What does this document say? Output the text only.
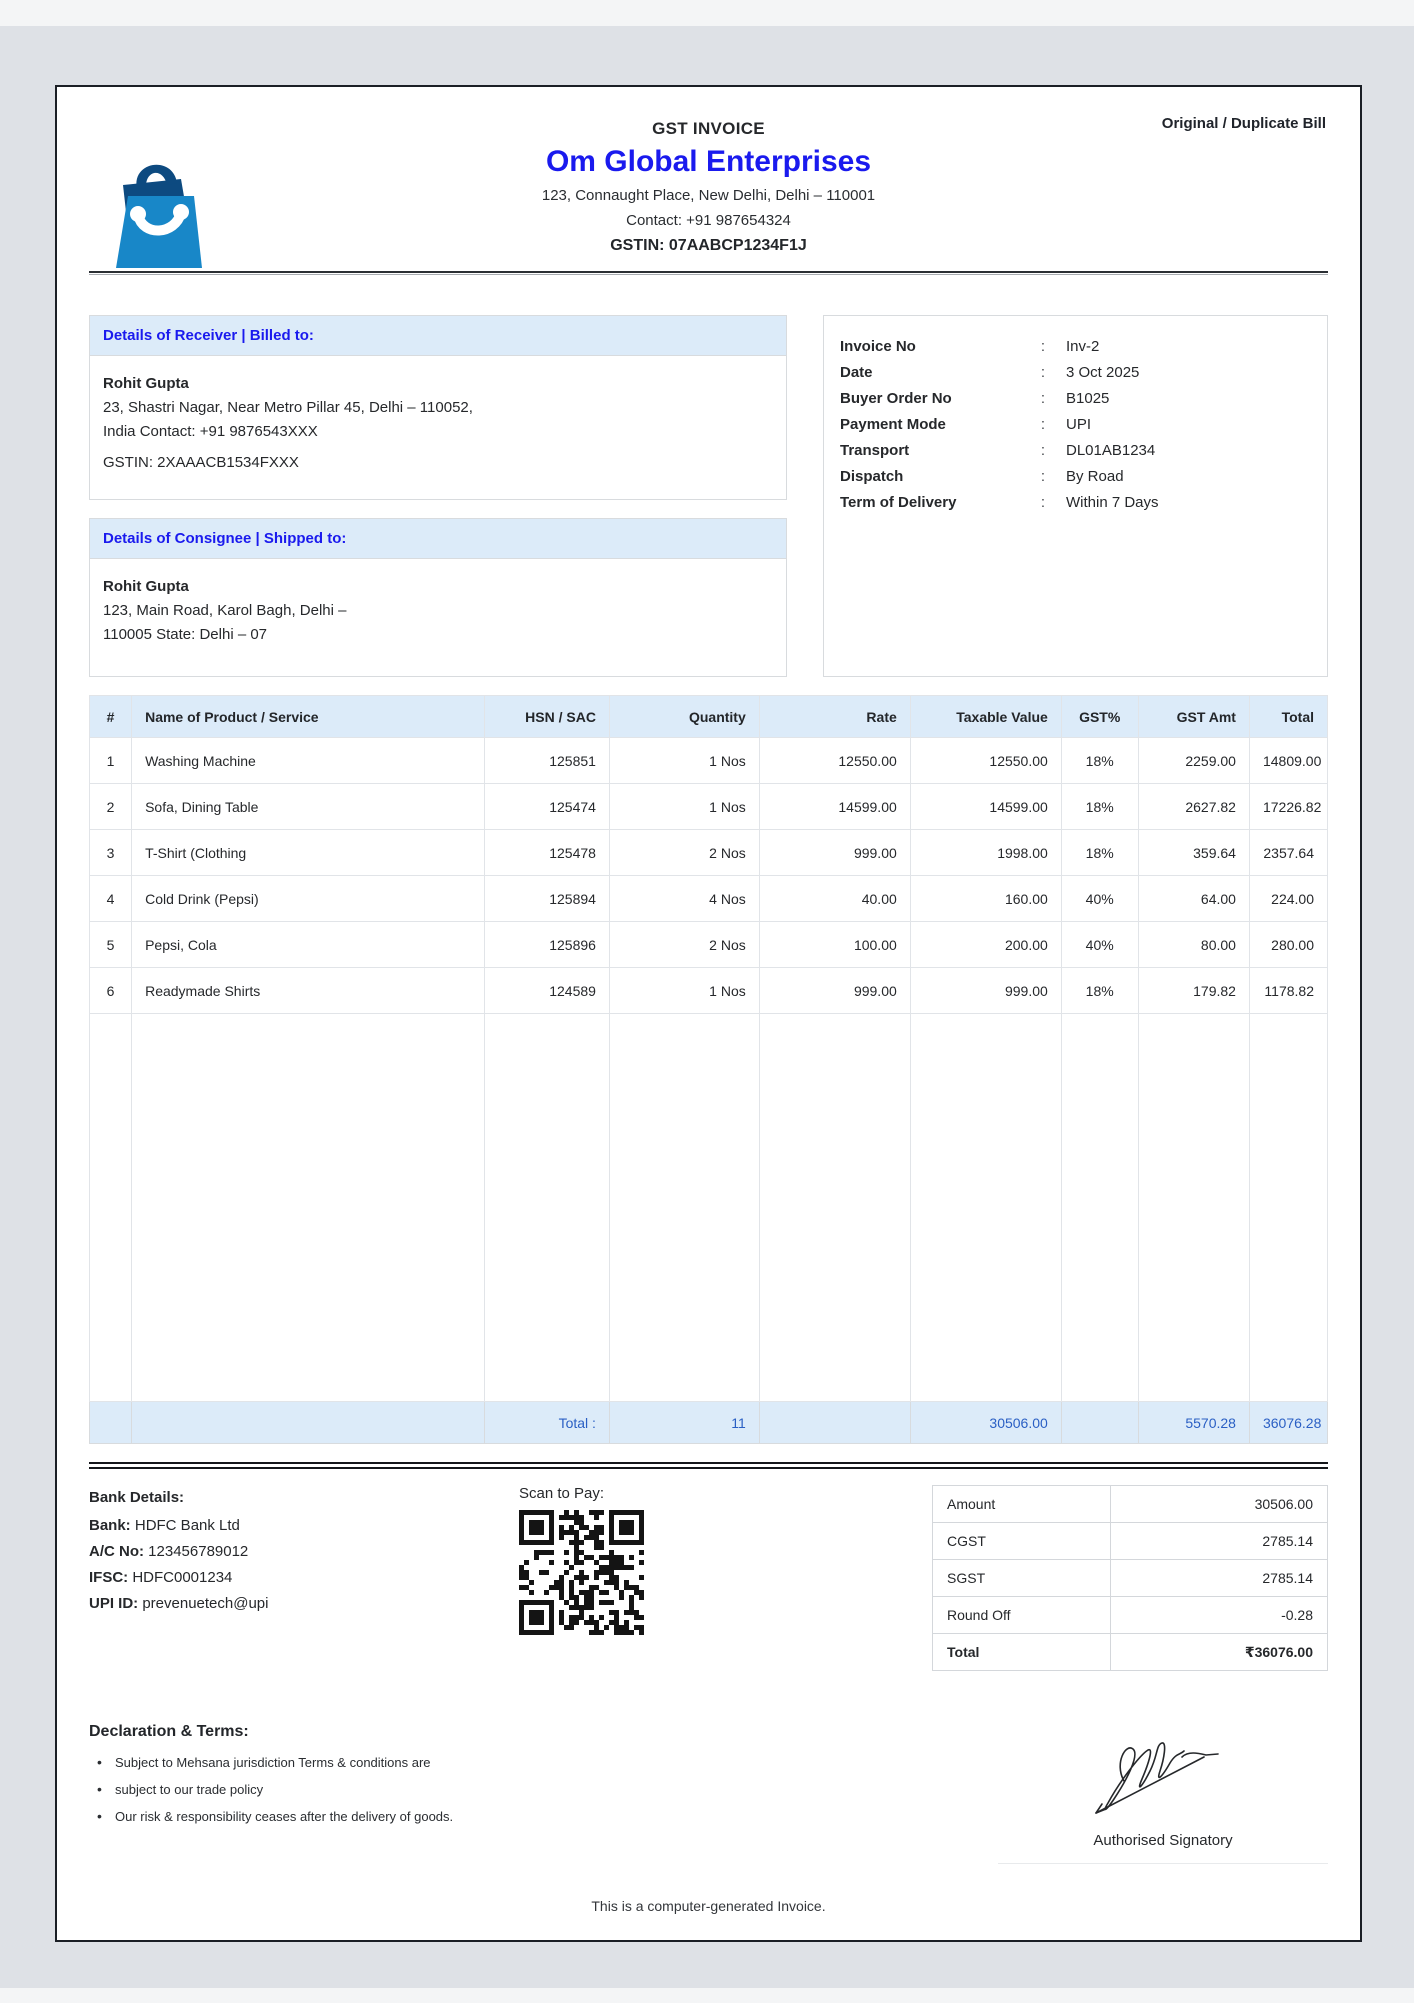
Original / Duplicate Bill
GST INVOICE
Om Global Enterprises
123, Connaught Place, New Delhi, Delhi – 110001
Contact: +91 987654324
GSTIN: 07AABCP1234F1J
Details of Receiver | Billed to:
Rohit Gupta
23, Shastri Nagar, Near Metro Pillar 45, Delhi – 110052,
India Contact: +91 9876543XXX
GSTIN: 2XAAACB1534FXXX
Details of Consignee | Shipped to:
Rohit Gupta
123, Main Road, Karol Bagh, Delhi –
110005 State: Delhi – 07
Invoice No	:	Inv-2
Date	:	3 Oct 2025
Buyer Order No	:	B1025
Payment Mode	:	UPI
Transport	:	DL01AB1234
Dispatch	:	By Road
Term of Delivery	:	Within 7 Days
#	Name of Product / Service	HSN / SAC	Quantity	Rate	Taxable Value	GST%	GST Amt	Total
1	Washing Machine	125851	1 Nos	12550.00	12550.00	18%	2259.00	14809.00
2	Sofa, Dining Table	125474	1 Nos	14599.00	14599.00	18%	2627.82	17226.82
3	T-Shirt (Clothing	125478	2 Nos	999.00	1998.00	18%	359.64	2357.64
4	Cold Drink (Pepsi)	125894	4 Nos	40.00	160.00	40%	64.00	224.00
5	Pepsi, Cola	125896	2 Nos	100.00	200.00	40%	80.00	280.00
6	Readymade Shirts	124589	1 Nos	999.00	999.00	18%	179.82	1178.82

		Total :	11		30506.00		5570.28	36076.28
Bank Details:
Bank: HDFC Bank Ltd
A/C No: 123456789012
IFSC: HDFC0001234
UPI ID: prevenuetech@upi
Scan to Pay:
Amount	30506.00
CGST	2785.14
SGST	2785.14
Round Off	-0.28
Total	₹36076.00
Declaration & Terms:
• Subject to Mehsana jurisdiction Terms & conditions are
• subject to our trade policy
• Our risk & responsibility ceases after the delivery of goods.
Authorised Signatory
This is a computer-generated Invoice.
